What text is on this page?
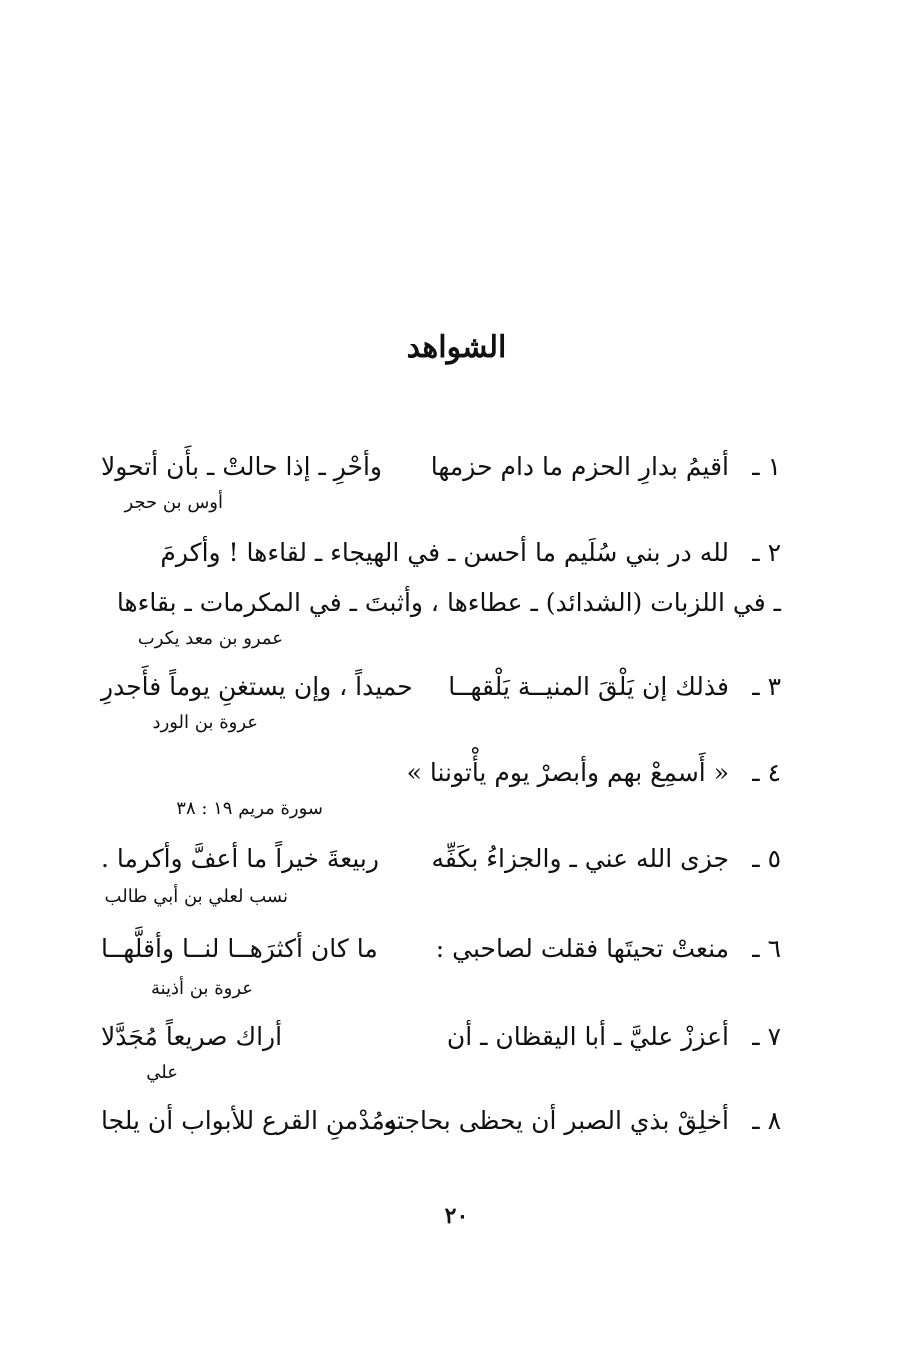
الشواهد
١ ـ
أقيمُ بدارِ الحزم ما دام حزمها
وأحْرِ ـ إذا حالتْ ـ بأَن أتحولا
أوس بن حجر
٢ ـ
لله در بني سُلَيم ما أحسن ـ في الهيجاء ـ لقاءها ! وأكرمَ
ـ في اللزبات (الشدائد) ـ عطاءها ، وأثبتَ ـ في المكرمات ـ بقاءها
عمرو بن معد يكرب
٣ ـ
فذلك إن يَلْقَ المنيــة يَلْقهــا
حميداً ، وإن يستغنِ يوماً فأَجدرِ
عروة بن الورد
٤ ـ
« أَسمِعْ بهم وأبصرْ يوم يأْتوننا »
سورة مريم ١٩ : ٣٨
٥ ـ
جزى الله عني ـ والجزاءُ بكَفِّه
ربيعةَ خيراً ما أعفَّ وأكرما .
نسب لعلي بن أبي طالب
٦ ـ
منعتْ تحيتَها فقلت لصاحبي :
ما كان أكثرَهــا لنــا وأقلَّهــا
عروة بن أذينة
٧ ـ
أعززْ عليَّ ـ أبا اليقظان ـ أن
أراك صريعاً مُجَدَّلا
علي
٨ ـ
أخلِقْ بذي الصبر أن يحظى بحاجته
ومُدْمنِ القرع للأبواب أن يلجا
٢٠
